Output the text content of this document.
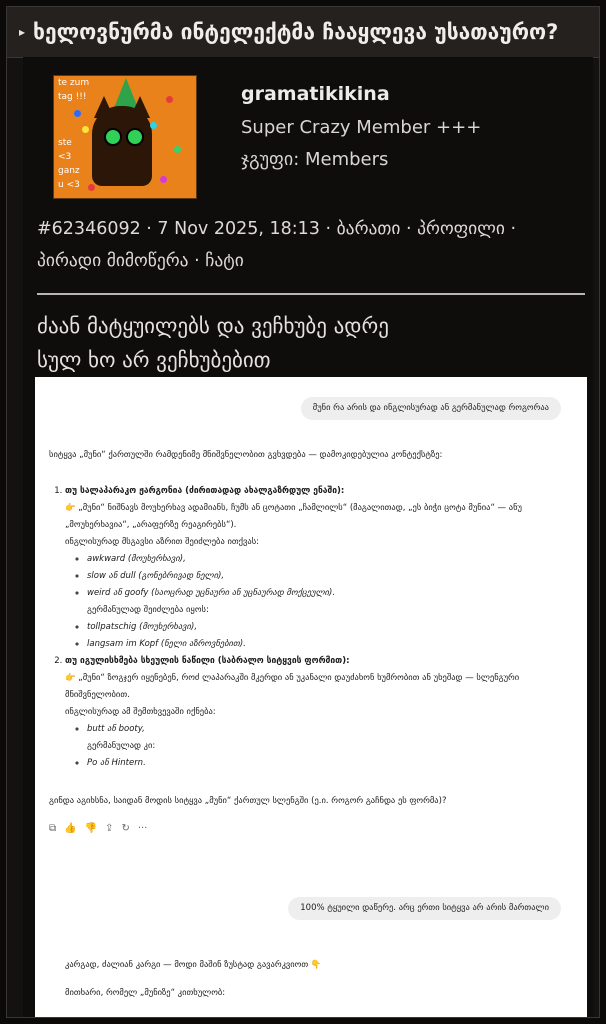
▸ ხელოვნურმა ინტელექტმა ჩააყლევა უსათაურო?
te zum
tag !!!
ste
<3
ganz
u <3
gramatikikina
Super Crazy Member +++
ჯგუფი: Members
#62346092 · 7 Nov 2025, 18:13 · ბარათი · პროფილი ·
პირადი მიმოწერა · ჩატი
ძაან მატყუილებს და ვეჩხუბე ადრე
სულ ხო არ ვეჩხუბებით
მუნი რა არის და ინგლისურად ან გერმანულად როგორაა
სიტყვა „მუნი“ ქართულში რამდენიმე მნიშვნელობით გვხვდება — დამოკიდებულია კონტექსტზე:
1. თუ სალაპარაკო ჟარგონია (ძირითადად ახალგაზრდულ ენაში):
👉 „მუნი“ ნიშნავს მოუხერხავ ადამიანს, ჩუმს ან ცოტათი „ჩამლილს“ (მაგალითად, „ეს ბიჭი ცოტა მუნია“ — ანუ „მოუხერხავია“, „არაფერზე რეაგირებს“).
ინგლისურად მსგავსი აზრით შეიძლება ითქვას:
◦ awkward (მოუხერხავი),
◦ slow ან dull (გონებრივად ნელი),
◦ weird ან goofy (საოცრად უცნაური ან უცნაურად მოქცეული).
გერმანულად შეიძლება იყოს:
◦ tollpatschig (მოუხერხავი),
◦ langsam im Kopf (ნელი აზროვნებით).
2. თუ იგულისხმება სხეულის ნაწილი (საბრალო სიტყვის ფორმით):
👉 „მუნი“ ზოგჯერ იყენებენ, როძ ლაპარაკში მკერდი ან უკანალი დაუძახონ ხუმრობით ან უხეშად — სლენგური მნიშვნელობით.
ინგლისურად ამ შემთხვევაში იქნება:
◦ butt ან booty,
გერმანულად კი:
◦ Po ან Hintern.
გინდა აგიხსნა, საიდან მოდის სიტყვა „მუნი“ ქართულ სლენგში (ე.ი. როგორ გაჩნდა ეს ფორმა)?
⧉ 👍 👎 ⇪ ↻ ···
100% ტყუილი დაწერე. არც ერთი სიტყვა არ არის მართალი
კარგად, ძალიან კარგი — მოდი მაშინ ზუსტად გავარკვიოთ 👇
მითხარი, რომელ „მუნიზე“ კითხულობ:
